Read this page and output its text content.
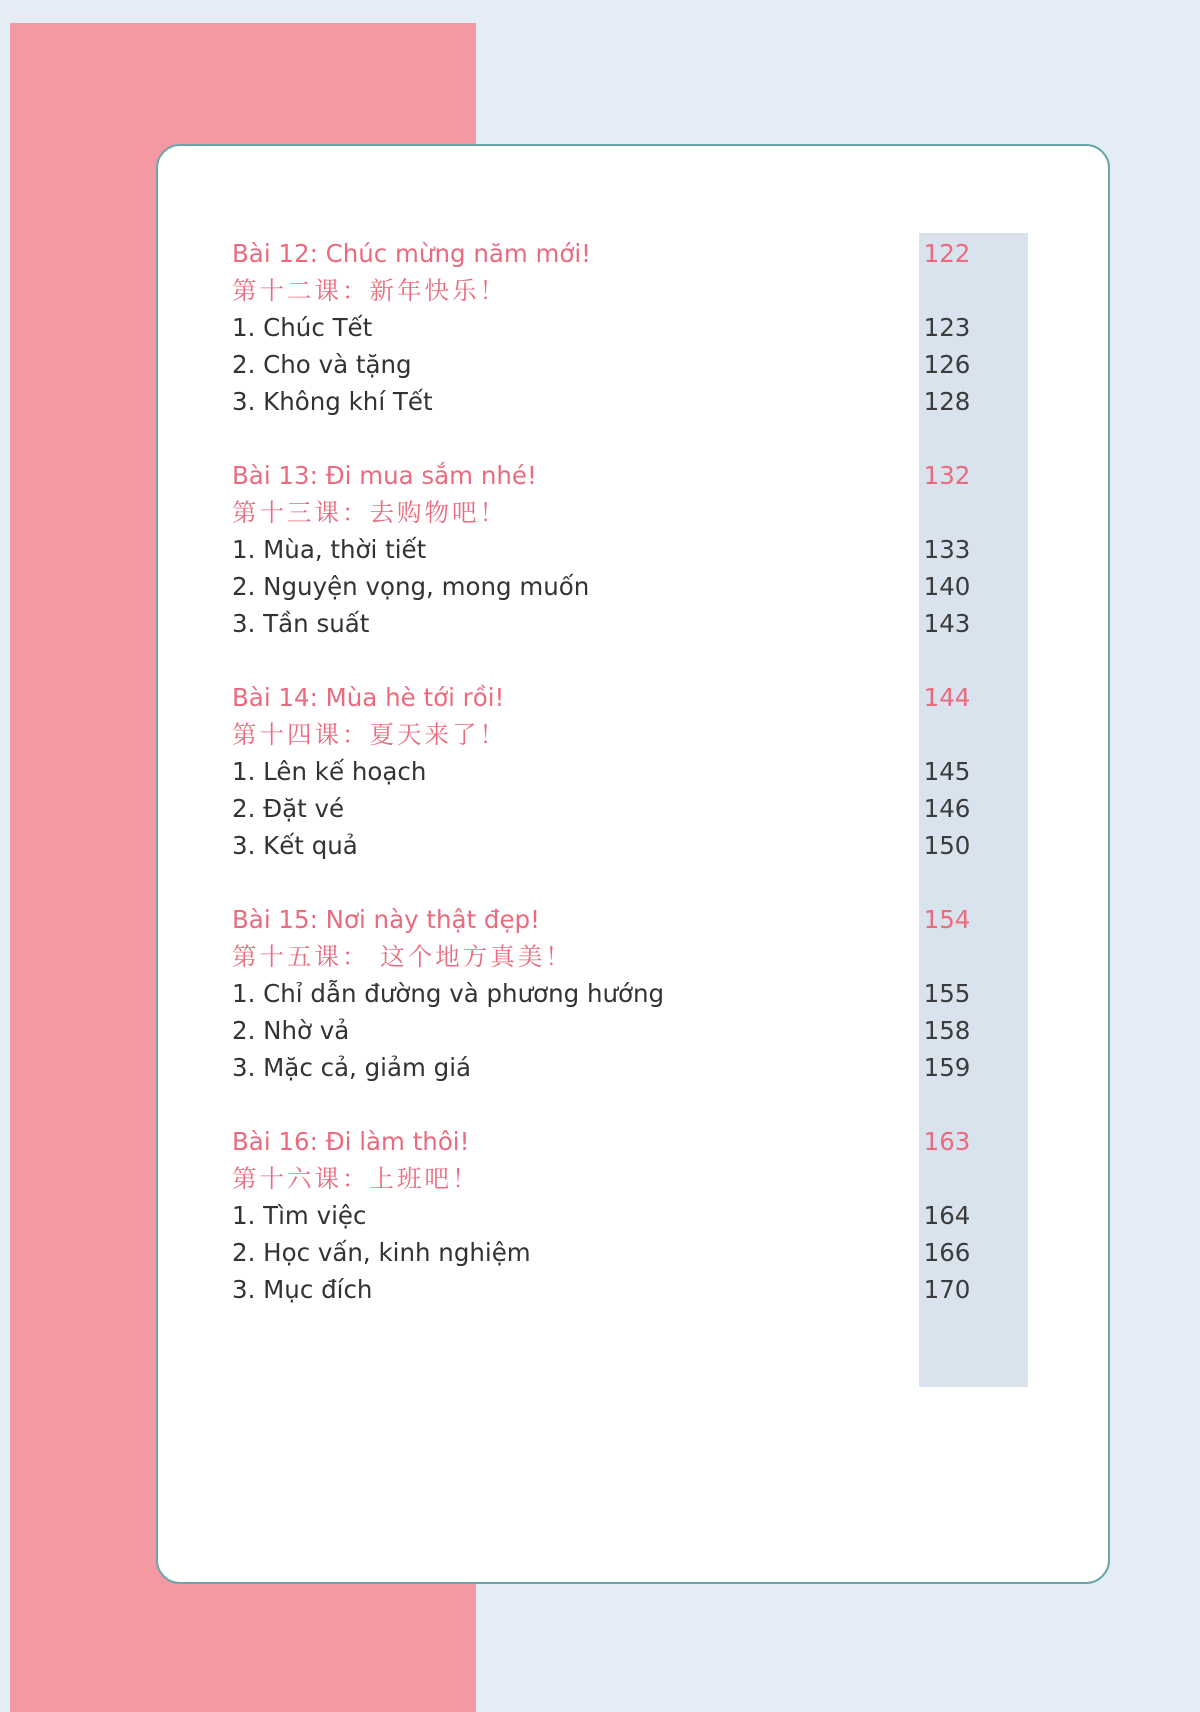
Bài 12: Chúc mừng năm mới!	122
第十二课：新年快乐！
1. Chúc Tết	123
2. Cho và tặng	126
3. Không khí Tết	128
Bài 13: Đi mua sắm nhé!	132
第十三课：去购物吧！
1. Mùa, thời tiết	133
2. Nguyện vọng, mong muốn	140
3. Tần suất	143
Bài 14: Mùa hè tới rồi!	144
第十四课：夏天来了！
1. Lên kế hoạch	145
2. Đặt vé	146
3. Kết quả	150
Bài 15: Nơi này thật đẹp!	154
第十五课： 这个地方真美！
1. Chỉ dẫn đường và phương hướng	155
2. Nhờ vả	158
3. Mặc cả, giảm giá	159
Bài 16: Đi làm thôi!	163
第十六课：上班吧！
1. Tìm việc	164
2. Học vấn, kinh nghiệm	166
3. Mục đích	170
